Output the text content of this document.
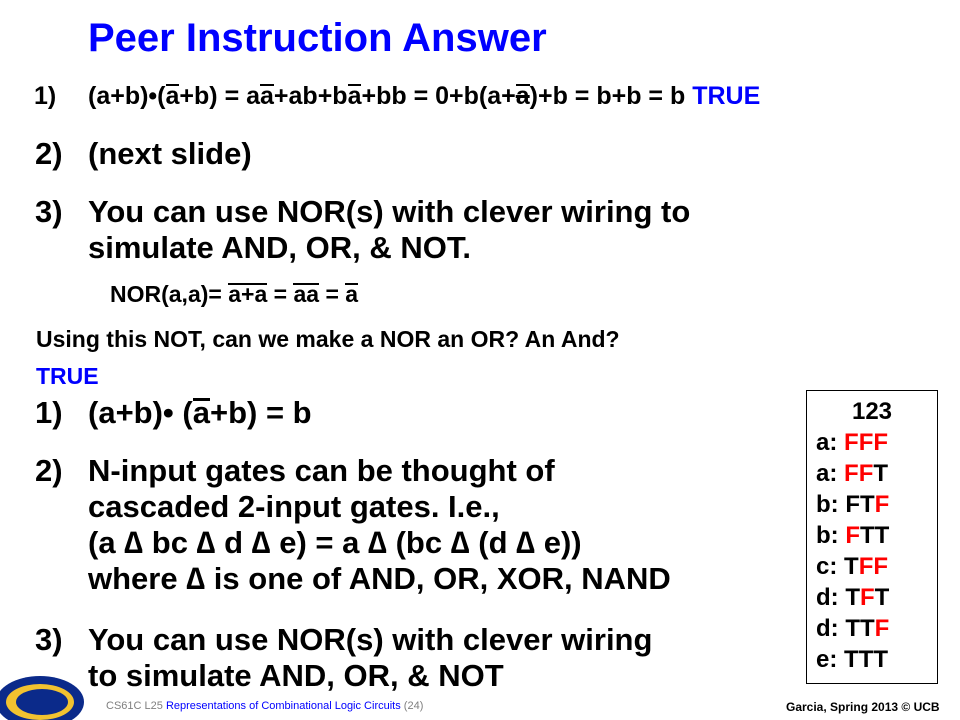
Peer Instruction Answer
1) (a+b)•(a+b) = aa+ab+ba+bb = 0+b(a+a)+b = b+b = b TRUE
2) (next slide)
3) You can use NOR(s) with clever wiring to
simulate AND, OR, & NOT.
NOR(a,a)= a+a = aa = a
Using this NOT, can we make a NOR an OR? An And?
TRUE
1) (a+b)• (a+b) = b
2) N-input gates can be thought of
cascaded 2-input gates. I.e.,
(a ∆ bc ∆ d ∆ e) = a ∆ (bc ∆ (d ∆ e))
where ∆ is one of AND, OR, XOR, NAND
3) You can use NOR(s) with clever wiring
to simulate AND, OR, & NOT
123
a: FFF
a: FFT
b: FTF
b: FTT
c: TFF
d: TFT
d: TTF
e: TTT
CS61C L25 Representations of Combinational Logic Circuits (24)	Garcia, Spring 2013 © UCB
